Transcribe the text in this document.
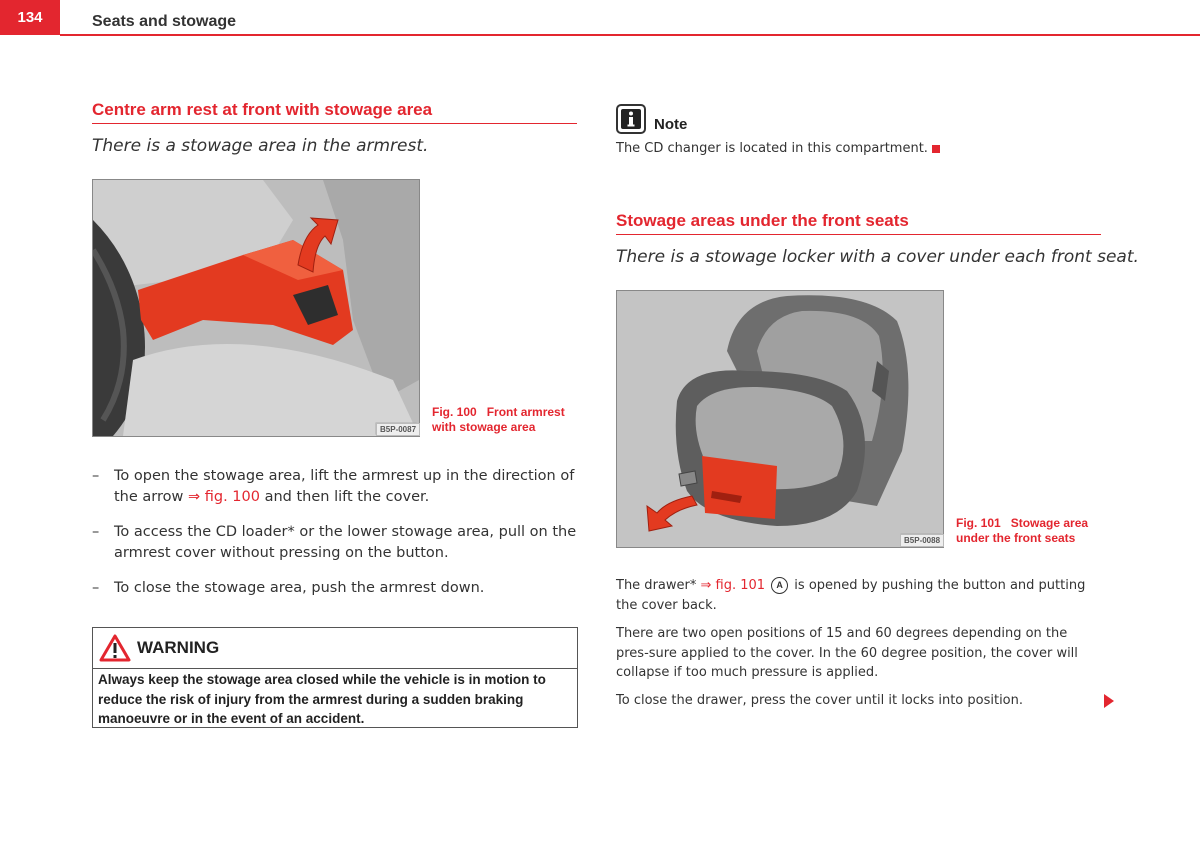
134	Seats and stowage
Centre arm rest at front with stowage area
There is a stowage area in the armrest.
B5P-0087
Fig. 100 Front armrest
with stowage area
– To open the stowage area, lift the armrest up in the direction of
the arrow ⇒ fig. 100 and then lift the cover.
– To access the CD loader* or the lower stowage area, pull on the
armrest cover without pressing on the button.
– To close the stowage area, push the armrest down.
WARNING
Always keep the stowage area closed while the vehicle is in motion to reduce the risk of injury from the armrest during a sudden braking manoeuvre or in the event of an accident.
Note
The CD changer is located in this compartment.
Stowage areas under the front seats
There is a stowage locker with a cover under each front seat.
B5P-0088
Fig. 101 Stowage area
under the front seats
The drawer* ⇒ fig. 101 A is opened by pushing the button and putting the cover back.
There are two open positions of 15 and 60 degrees depending on the pres-sure applied to the cover. In the 60 degree position, the cover will collapse if too much pressure is applied.
To close the drawer, press the cover until it locks into position.
